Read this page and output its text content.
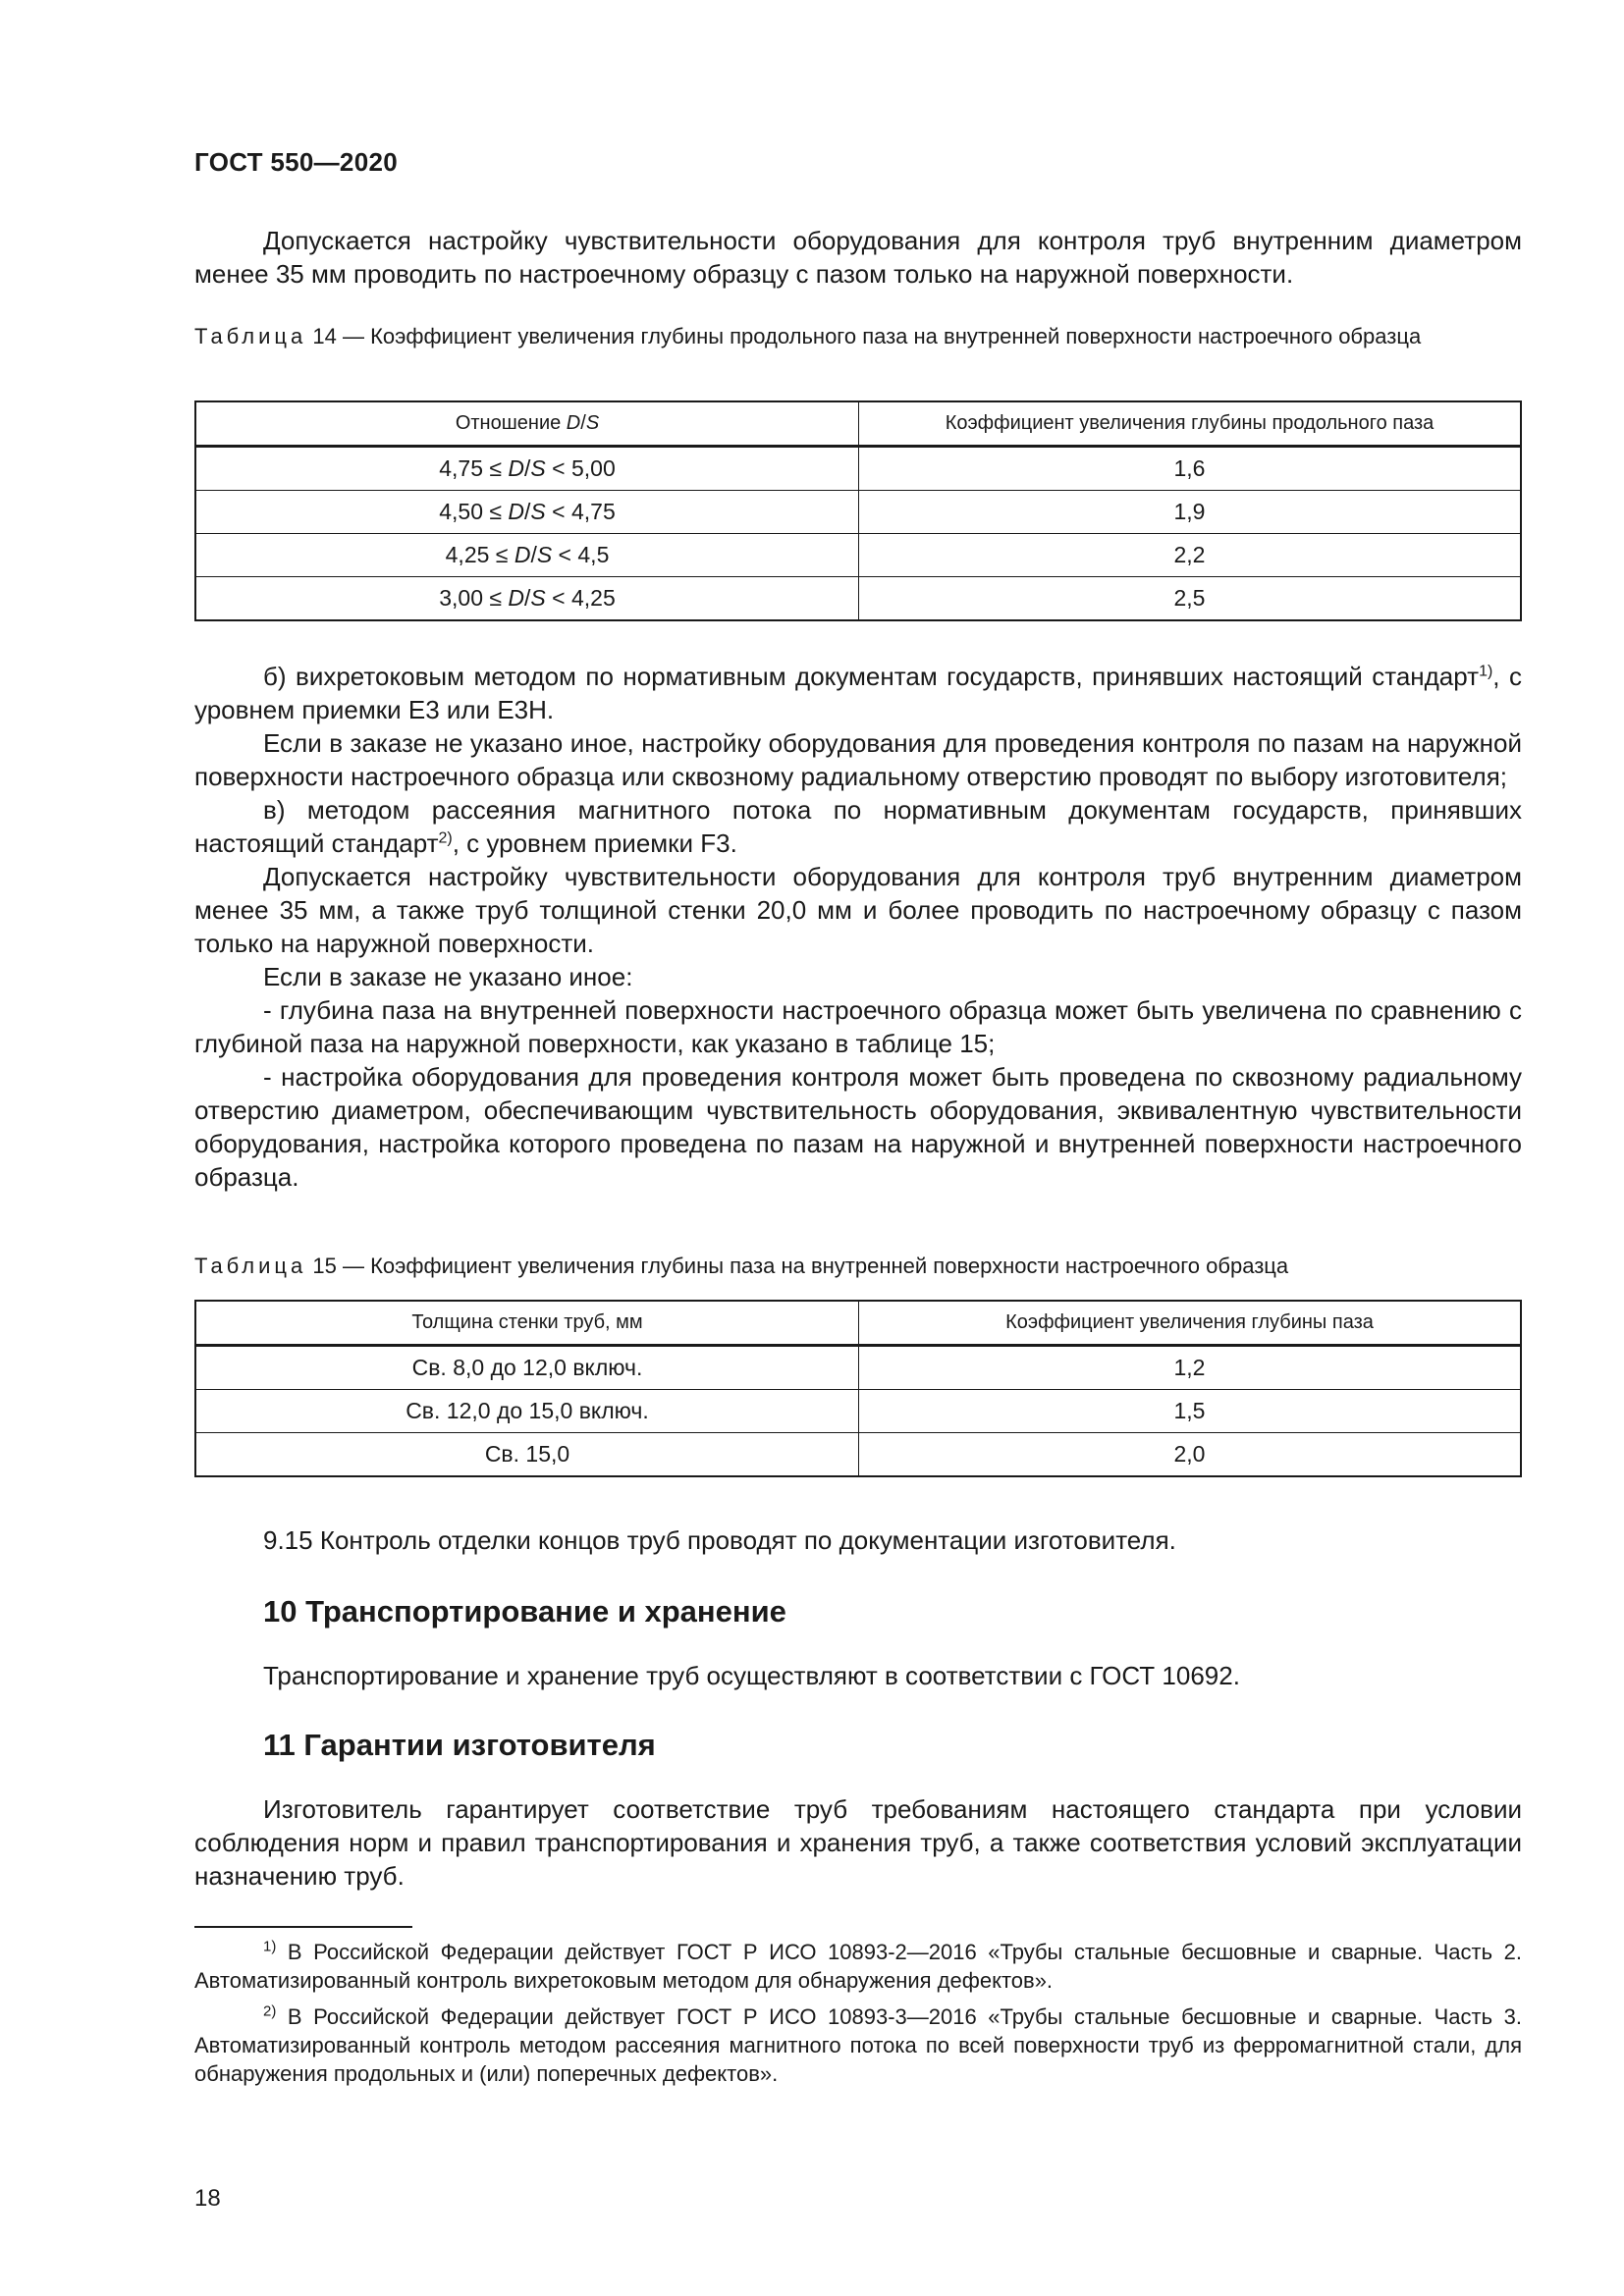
ГОСТ 550—2020

Допускается настройку чувствительности оборудования для контроля труб внутренним диаметром менее 35 мм проводить по настроечному образцу с пазом только на наружной поверхности.

Таблица 14 — Коэффициент увеличения глубины продольного паза на внутренней поверхности настроечного образца

Отношение D/S	Коэффициент увеличения глубины продольного паза
4,75 ≤ D/S < 5,00	1,6
4,50 ≤ D/S < 4,75	1,9
4,25 ≤ D/S < 4,5	2,2
3,00 ≤ D/S < 4,25	2,5

б) вихретоковым методом по нормативным документам государств, принявших настоящий стандарт$^{1)}$, с уровнем приемки Е3 или Е3Н.

Если в заказе не указано иное, настройку оборудования для проведения контроля по пазам на наружной поверхности настроечного образца или сквозному радиальному отверстию проводят по выбору изготовителя;

в) методом рассеяния магнитного потока по нормативным документам государств, принявших настоящий стандарт$^{2)}$, с уровнем приемки F3.

Допускается настройку чувствительности оборудования для контроля труб внутренним диаметром менее 35 мм, а также труб толщиной стенки 20,0 мм и более проводить по настроечному образцу с пазом только на наружной поверхности.

Если в заказе не указано иное:

- глубина паза на внутренней поверхности настроечного образца может быть увеличена по сравнению с глубиной паза на наружной поверхности, как указано в таблице 15;

- настройка оборудования для проведения контроля может быть проведена по сквозному радиальному отверстию диаметром, обеспечивающим чувствительность оборудования, эквивалентную чувствительности оборудования, настройка которого проведена по пазам на наружной и внутренней поверхности настроечного образца.

Таблица 15 — Коэффициент увеличения глубины паза на внутренней поверхности настроечного образца

Толщина стенки труб, мм	Коэффициент увеличения глубины паза
Св. 8,0 до 12,0 включ.	1,2
Св. 12,0 до 15,0 включ.	1,5
Св. 15,0	2,0

9.15 Контроль отделки концов труб проводят по документации изготовителя.

10 Транспортирование и хранение

Транспортирование и хранение труб осуществляют в соответствии с ГОСТ 10692.

11 Гарантии изготовителя

Изготовитель гарантирует соответствие труб требованиям настоящего стандарта при условии соблюдения норм и правил транспортирования и хранения труб, а также соответствия условий эксплуатации назначению труб.

$^{1)}$ В Российской Федерации действует ГОСТ Р ИСО 10893-2—2016 «Трубы стальные бесшовные и сварные. Часть 2. Автоматизированный контроль вихретоковым методом для обнаружения дефектов».

$^{2)}$ В Российской Федерации действует ГОСТ Р ИСО 10893-3—2016 «Трубы стальные бесшовные и сварные. Часть 3. Автоматизированный контроль методом рассеяния магнитного потока по всей поверхности труб из ферромагнитной стали, для обнаружения продольных и (или) поперечных дефектов».

18
